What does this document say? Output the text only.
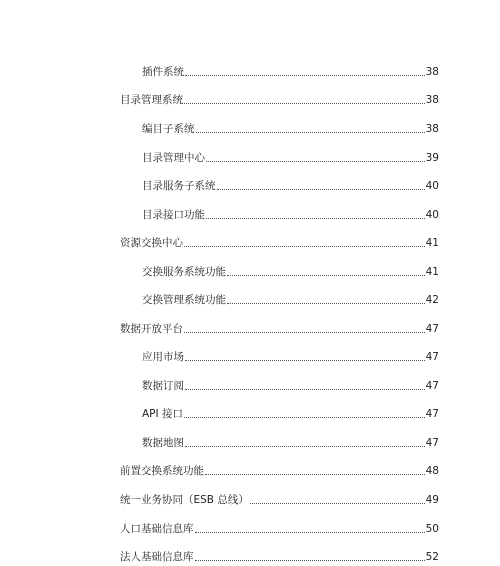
插件系统	38
目录管理系统	38
编目子系统	38
目录管理中心	39
目录服务子系统	40
目录接口功能	40
资源交换中心	41
交换服务系统功能	41
交换管理系统功能	42
数据开放平台	47
应用市场	47
数据订阅	47
API 接口	47
数据地图	47
前置交换系统功能	48
统一业务协同（ESB 总线）	49
人口基础信息库	50
法人基础信息库	52
